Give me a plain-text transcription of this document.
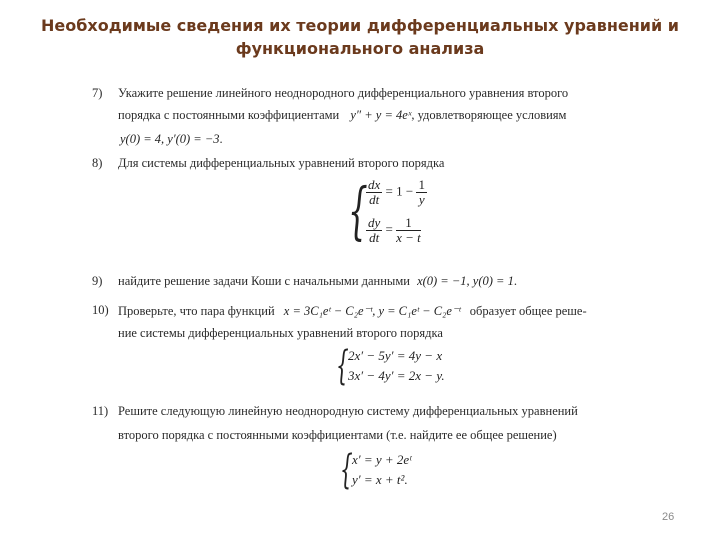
Необходимые сведения их теории дифференциальных уравнений и функционального анализа
7) Укажите решение линейного неоднородного дифференциального уравнения второго
порядка с постоянными коэффициентами y″ + y = 4eˣ, удовлетворяющее условиям
y(0) = 4, y′(0) = −3.
8) Для системы дифференциальных уравнений второго порядка
{
$\frac{dx}{dt} = 1 - \frac{1}{y}$
$\frac{dy}{dt} = \frac{1}{x - t}$
9) найдите решение задачи Коши с начальными данными x(0) = −1, y(0) = 1.
10) Проверьте, что пара функций x = 3C₁eᵗ − C₂e⁻ᵗ, y = C₁eᵗ − C₂e⁻ᵗ образует общее реше-
ние системы дифференциальных уравнений второго порядка
{ 2x′ − 5y′ = 4y − x
3x′ − 4y′ = 2x − y.
11) Решите следующую линейную неоднородную систему дифференциальных уравнений
второго порядка с постоянными коэффициентами (т.е. найдите ее общее решение)
{ x′ = y + 2eᵗ
y′ = x + t².
26
